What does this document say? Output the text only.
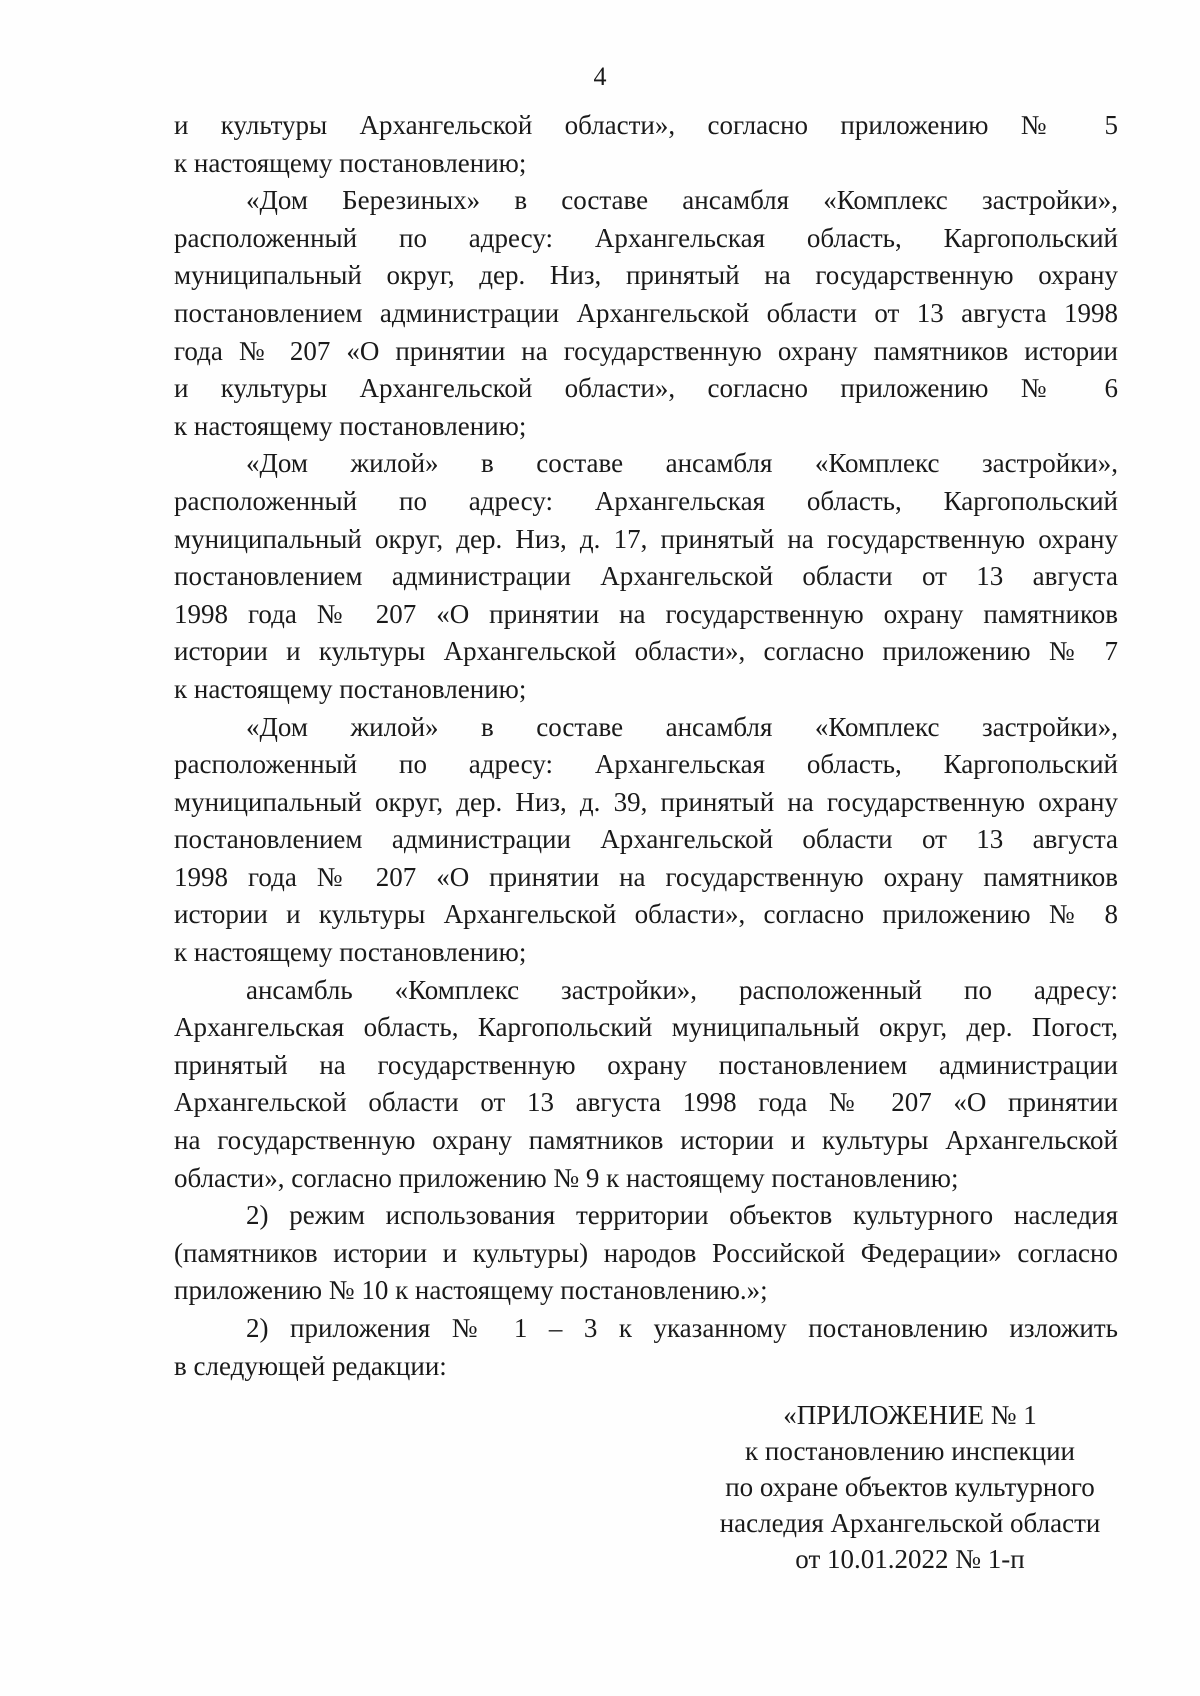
4
и культуры Архангельской области», согласно приложению № 5
к настоящему постановлению;
«Дом Березиных» в составе ансамбля «Комплекс застройки»,
расположенный по адресу: Архангельская область, Каргопольский
муниципальный округ, дер. Низ, принятый на государственную охрану
постановлением администрации Архангельской области от 13 августа 1998
года № 207 «О принятии на государственную охрану памятников истории
и культуры Архангельской области», согласно приложению № 6
к настоящему постановлению;
«Дом жилой» в составе ансамбля «Комплекс застройки»,
расположенный по адресу: Архангельская область, Каргопольский
муниципальный округ, дер. Низ, д. 17, принятый на государственную охрану
постановлением администрации Архангельской области от 13 августа
1998 года № 207 «О принятии на государственную охрану памятников
истории и культуры Архангельской области», согласно приложению № 7
к настоящему постановлению;
«Дом жилой» в составе ансамбля «Комплекс застройки»,
расположенный по адресу: Архангельская область, Каргопольский
муниципальный округ, дер. Низ, д. 39, принятый на государственную охрану
постановлением администрации Архангельской области от 13 августа
1998 года № 207 «О принятии на государственную охрану памятников
истории и культуры Архангельской области», согласно приложению № 8
к настоящему постановлению;
ансамбль «Комплекс застройки», расположенный по адресу:
Архангельская область, Каргопольский муниципальный округ, дер. Погост,
принятый на государственную охрану постановлением администрации
Архангельской области от 13 августа 1998 года № 207 «О принятии
на государственную охрану памятников истории и культуры Архангельской
области», согласно приложению № 9 к настоящему постановлению;
2) режим использования территории объектов культурного наследия
(памятников истории и культуры) народов Российской Федерации» согласно
приложению № 10 к настоящему постановлению.»;
2) приложения № 1 – 3 к указанному постановлению изложить
в следующей редакции:
«ПРИЛОЖЕНИЕ № 1
к постановлению инспекции
по охране объектов культурного
наследия Архангельской области
от 10.01.2022 № 1-п
